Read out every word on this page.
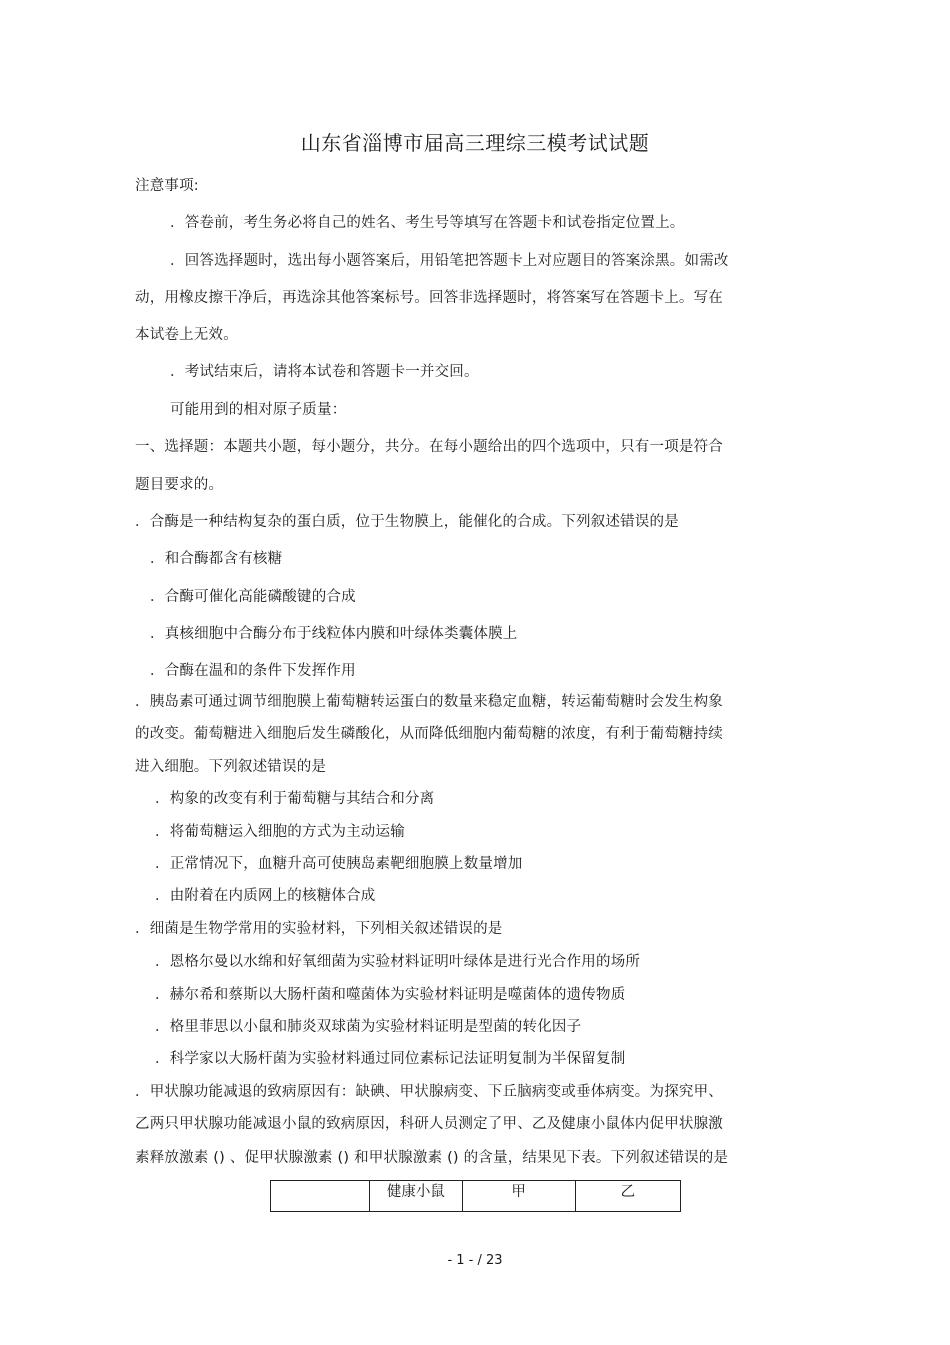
山东省淄博市届高三理综三模考试试题
注意事项:
．答卷前，考生务必将自己的姓名、考生号等填写在答题卡和试卷指定位置上。
．回答选择题时，选出每小题答案后，用铅笔把答题卡上对应题目的答案涂黑。如需改
动，用橡皮擦干净后，再选涂其他答案标号。回答非选择题时，将答案写在答题卡上。写在
本试卷上无效。
．考试结束后，请将本试卷和答题卡一并交回。
可能用到的相对原子质量：
一、选择题：本题共小题，每小题分，共分。在每小题给出的四个选项中，只有一项是符合
题目要求的。
．合酶是一种结构复杂的蛋白质，位于生物膜上，能催化的合成。下列叙述错误的是
．和合酶都含有核糖
．合酶可催化高能磷酸键的合成
．真核细胞中合酶分布于线粒体内膜和叶绿体类囊体膜上
．合酶在温和的条件下发挥作用
．胰岛素可通过调节细胞膜上葡萄糖转运蛋白的数量来稳定血糖，转运葡萄糖时会发生构象
的改变。葡萄糖进入细胞后发生磷酸化，从而降低细胞内葡萄糖的浓度，有利于葡萄糖持续
进入细胞。下列叙述错误的是
．构象的改变有利于葡萄糖与其结合和分离
．将葡萄糖运入细胞的方式为主动运输
．正常情况下，血糖升高可使胰岛素靶细胞膜上数量增加
．由附着在内质网上的核糖体合成
．细菌是生物学常用的实验材料，下列相关叙述错误的是
．恩格尔曼以水绵和好氧细菌为实验材料证明叶绿体是进行光合作用的场所
．赫尔希和蔡斯以大肠杆菌和噬菌体为实验材料证明是噬菌体的遗传物质
．格里菲思以小鼠和肺炎双球菌为实验材料证明是型菌的转化因子
．科学家以大肠杆菌为实验材料通过同位素标记法证明复制为半保留复制
．甲状腺功能减退的致病原因有：缺碘、甲状腺病变、下丘脑病变或垂体病变。为探究甲、
乙两只甲状腺功能减退小鼠的致病原因，科研人员测定了甲、乙及健康小鼠体内促甲状腺激
素释放激素 () 、促甲状腺激素 () 和甲状腺激素 () 的含量，结果见下表。下列叙述错误的是
	健康小鼠	甲	乙
- 1 - / 23
